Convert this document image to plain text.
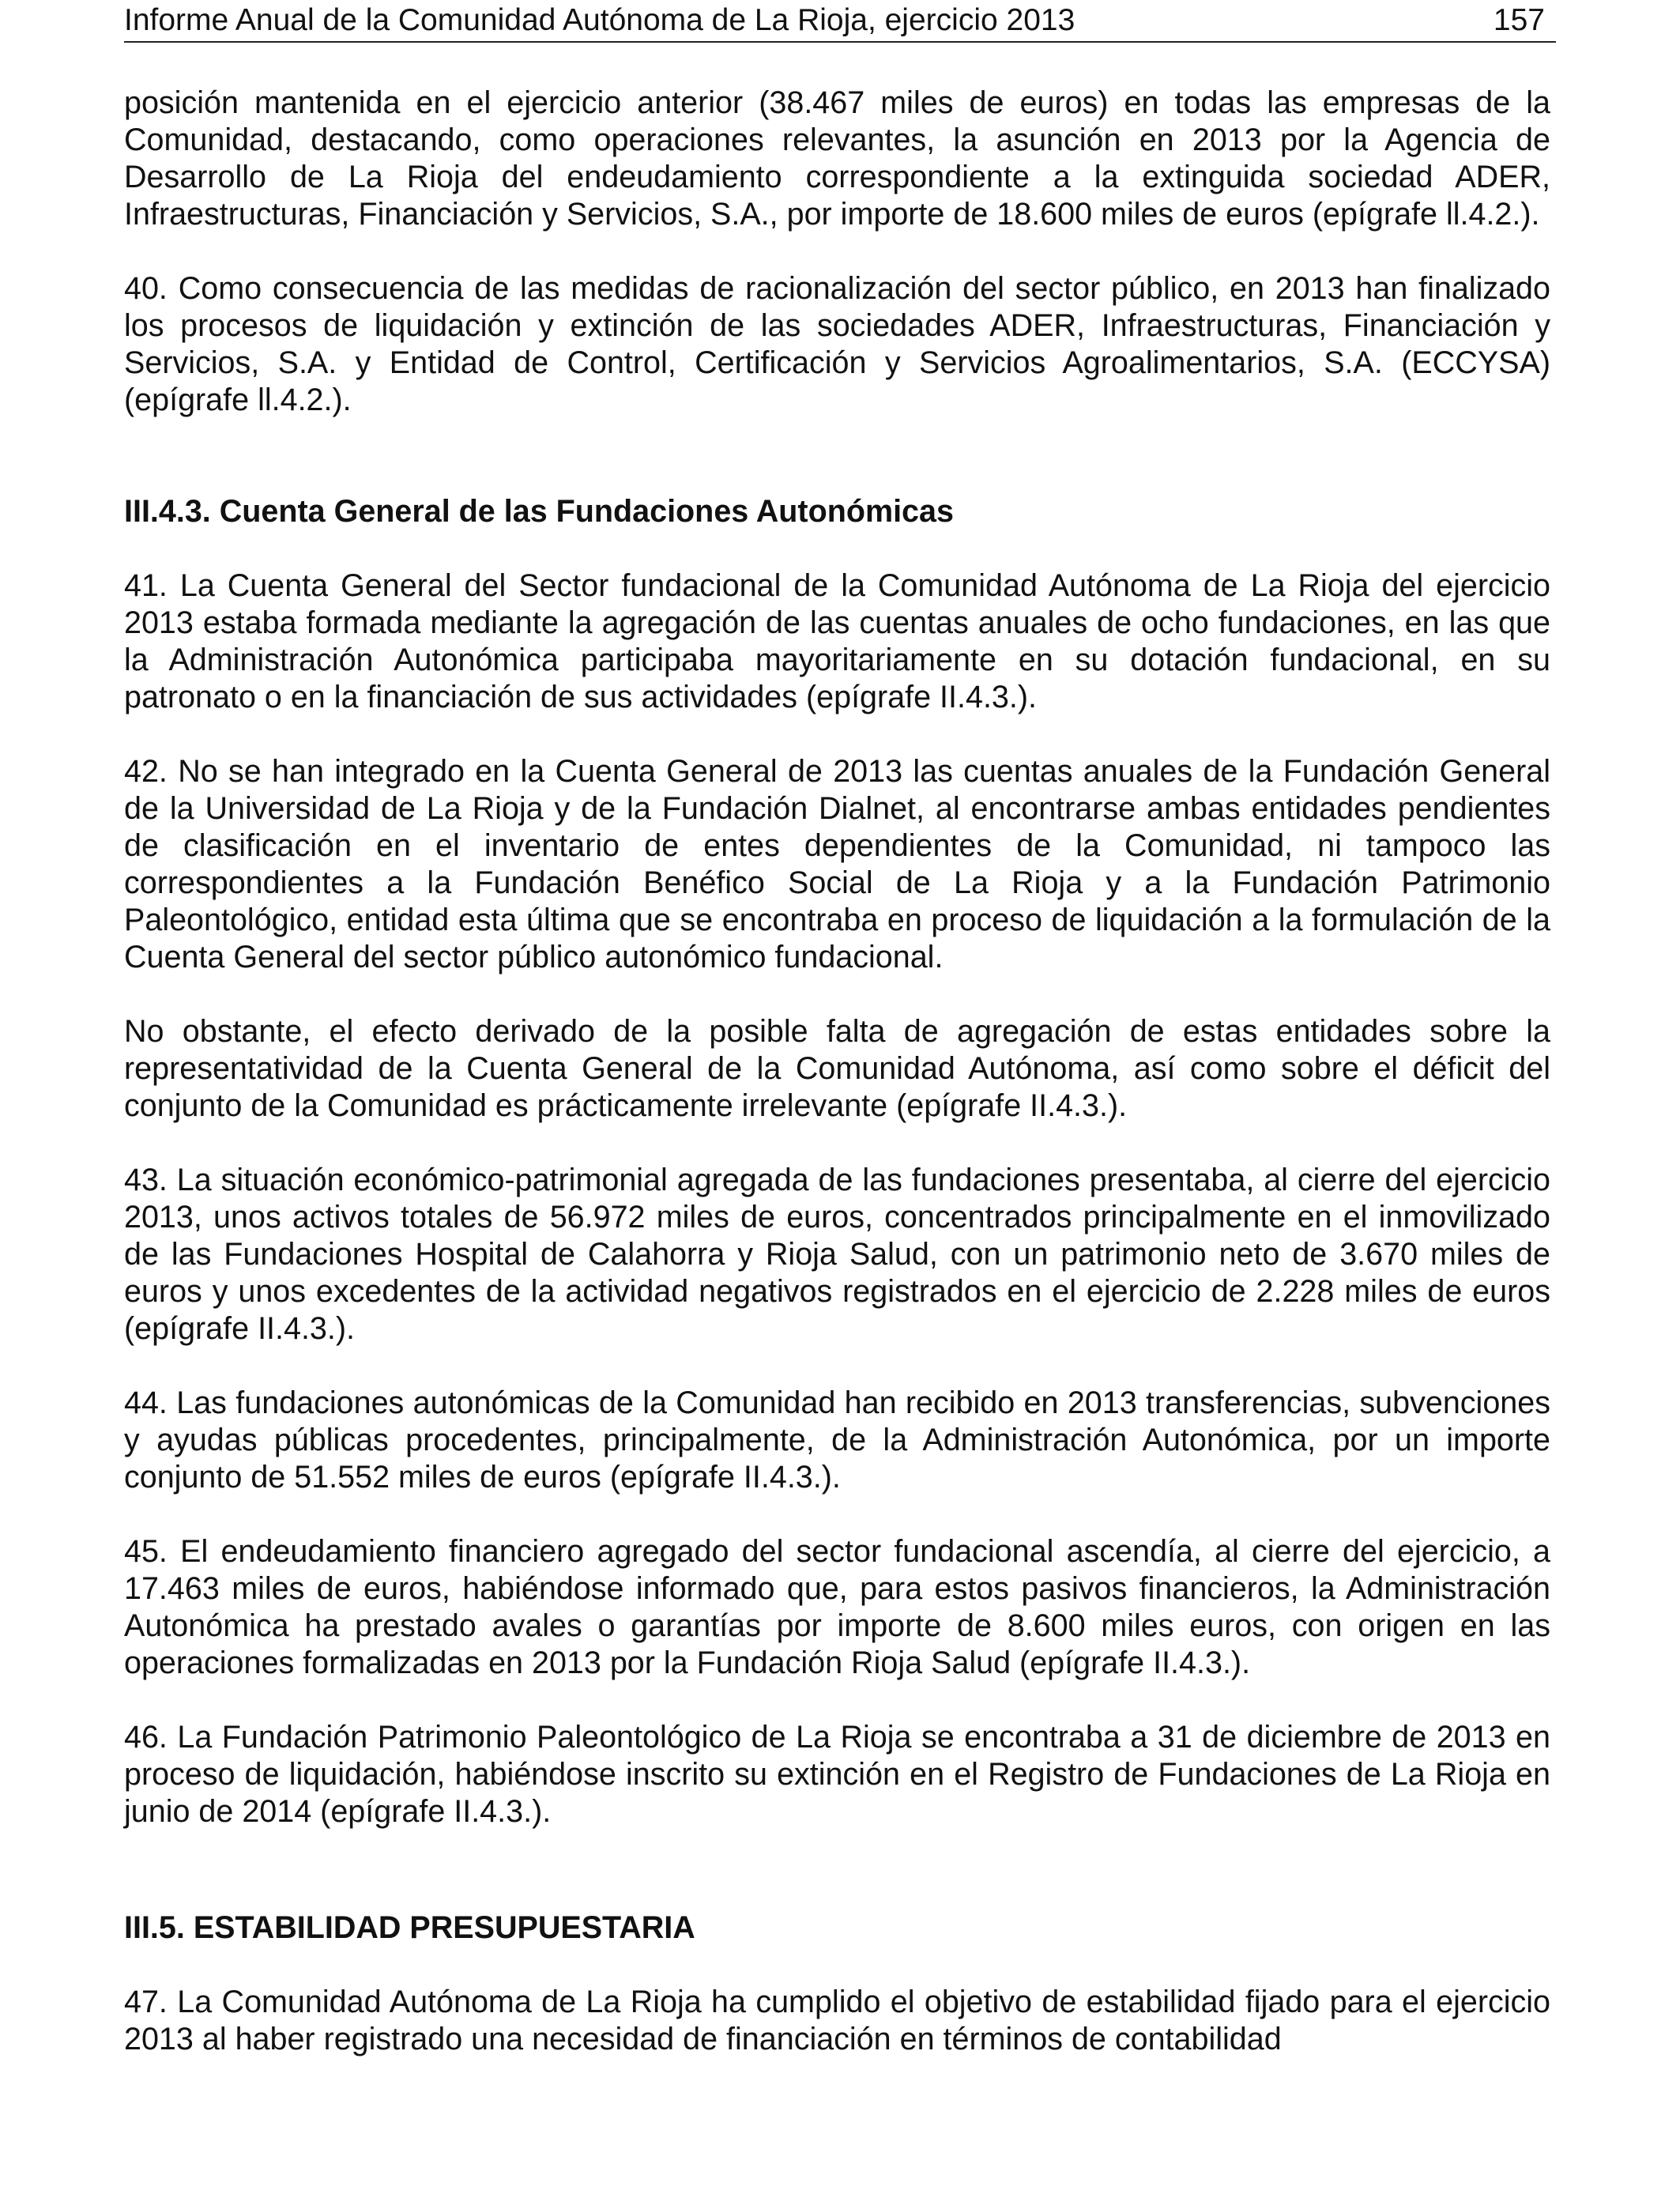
Informe Anual de la Comunidad Autónoma de La Rioja, ejercicio 2013	157

posición mantenida en el ejercicio anterior (38.467 miles de euros) en todas las empresas de la Comunidad, destacando, como operaciones relevantes, la asunción en 2013 por la Agencia de Desarrollo de La Rioja del endeudamiento correspondiente a la extinguida sociedad ADER, Infraestructuras, Financiación y Servicios, S.A., por importe de 18.600 miles de euros (epígrafe ll.4.2.).

40. Como consecuencia de las medidas de racionalización del sector público, en 2013 han finalizado los procesos de liquidación y extinción de las sociedades ADER, Infraestructuras, Financiación y Servicios, S.A. y Entidad de Control, Certificación y Servicios Agroalimentarios, S.A. (ECCYSA) (epígrafe ll.4.2.).

III.4.3. Cuenta General de las Fundaciones Autonómicas

41. La Cuenta General del Sector fundacional de la Comunidad Autónoma de La Rioja del ejercicio 2013 estaba formada mediante la agregación de las cuentas anuales de ocho fundaciones, en las que la Administración Autonómica participaba mayoritariamente en su dotación fundacional, en su patronato o en la financiación de sus actividades (epígrafe II.4.3.).

42. No se han integrado en la Cuenta General de 2013 las cuentas anuales de la Fundación General de la Universidad de La Rioja y de la Fundación Dialnet, al encontrarse ambas entidades pendientes de clasificación en el inventario de entes dependientes de la Comunidad, ni tampoco las correspondientes a la Fundación Benéfico Social de La Rioja y a la Fundación Patrimonio Paleontológico, entidad esta última que se encontraba en proceso de liquidación a la formulación de la Cuenta General del sector público autonómico fundacional.

No obstante, el efecto derivado de la posible falta de agregación de estas entidades sobre la representatividad de la Cuenta General de la Comunidad Autónoma, así como sobre el déficit del conjunto de la Comunidad es prácticamente irrelevante (epígrafe II.4.3.).

43. La situación económico-patrimonial agregada de las fundaciones presentaba, al cierre del ejercicio 2013, unos activos totales de 56.972 miles de euros, concentrados principalmente en el inmovilizado de las Fundaciones Hospital de Calahorra y Rioja Salud, con un patrimonio neto de 3.670 miles de euros y unos excedentes de la actividad negativos registrados en el ejercicio de 2.228 miles de euros (epígrafe II.4.3.).

44. Las fundaciones autonómicas de la Comunidad han recibido en 2013 transferencias, subvenciones y ayudas públicas procedentes, principalmente, de la Administración Autonómica, por un importe conjunto de 51.552 miles de euros (epígrafe II.4.3.).

45. El endeudamiento financiero agregado del sector fundacional ascendía, al cierre del ejercicio, a 17.463 miles de euros, habiéndose informado que, para estos pasivos financieros, la Administración Autonómica ha prestado avales o garantías por importe de 8.600 miles euros, con origen en las operaciones formalizadas en 2013 por la Fundación Rioja Salud (epígrafe II.4.3.).

46. La Fundación Patrimonio Paleontológico de La Rioja se encontraba a 31 de diciembre de 2013 en proceso de liquidación, habiéndose inscrito su extinción en el Registro de Fundaciones de La Rioja en junio de 2014 (epígrafe II.4.3.).

III.5. ESTABILIDAD PRESUPUESTARIA

47. La Comunidad Autónoma de La Rioja ha cumplido el objetivo de estabilidad fijado para el ejercicio 2013 al haber registrado una necesidad de financiación en términos de contabilidad
